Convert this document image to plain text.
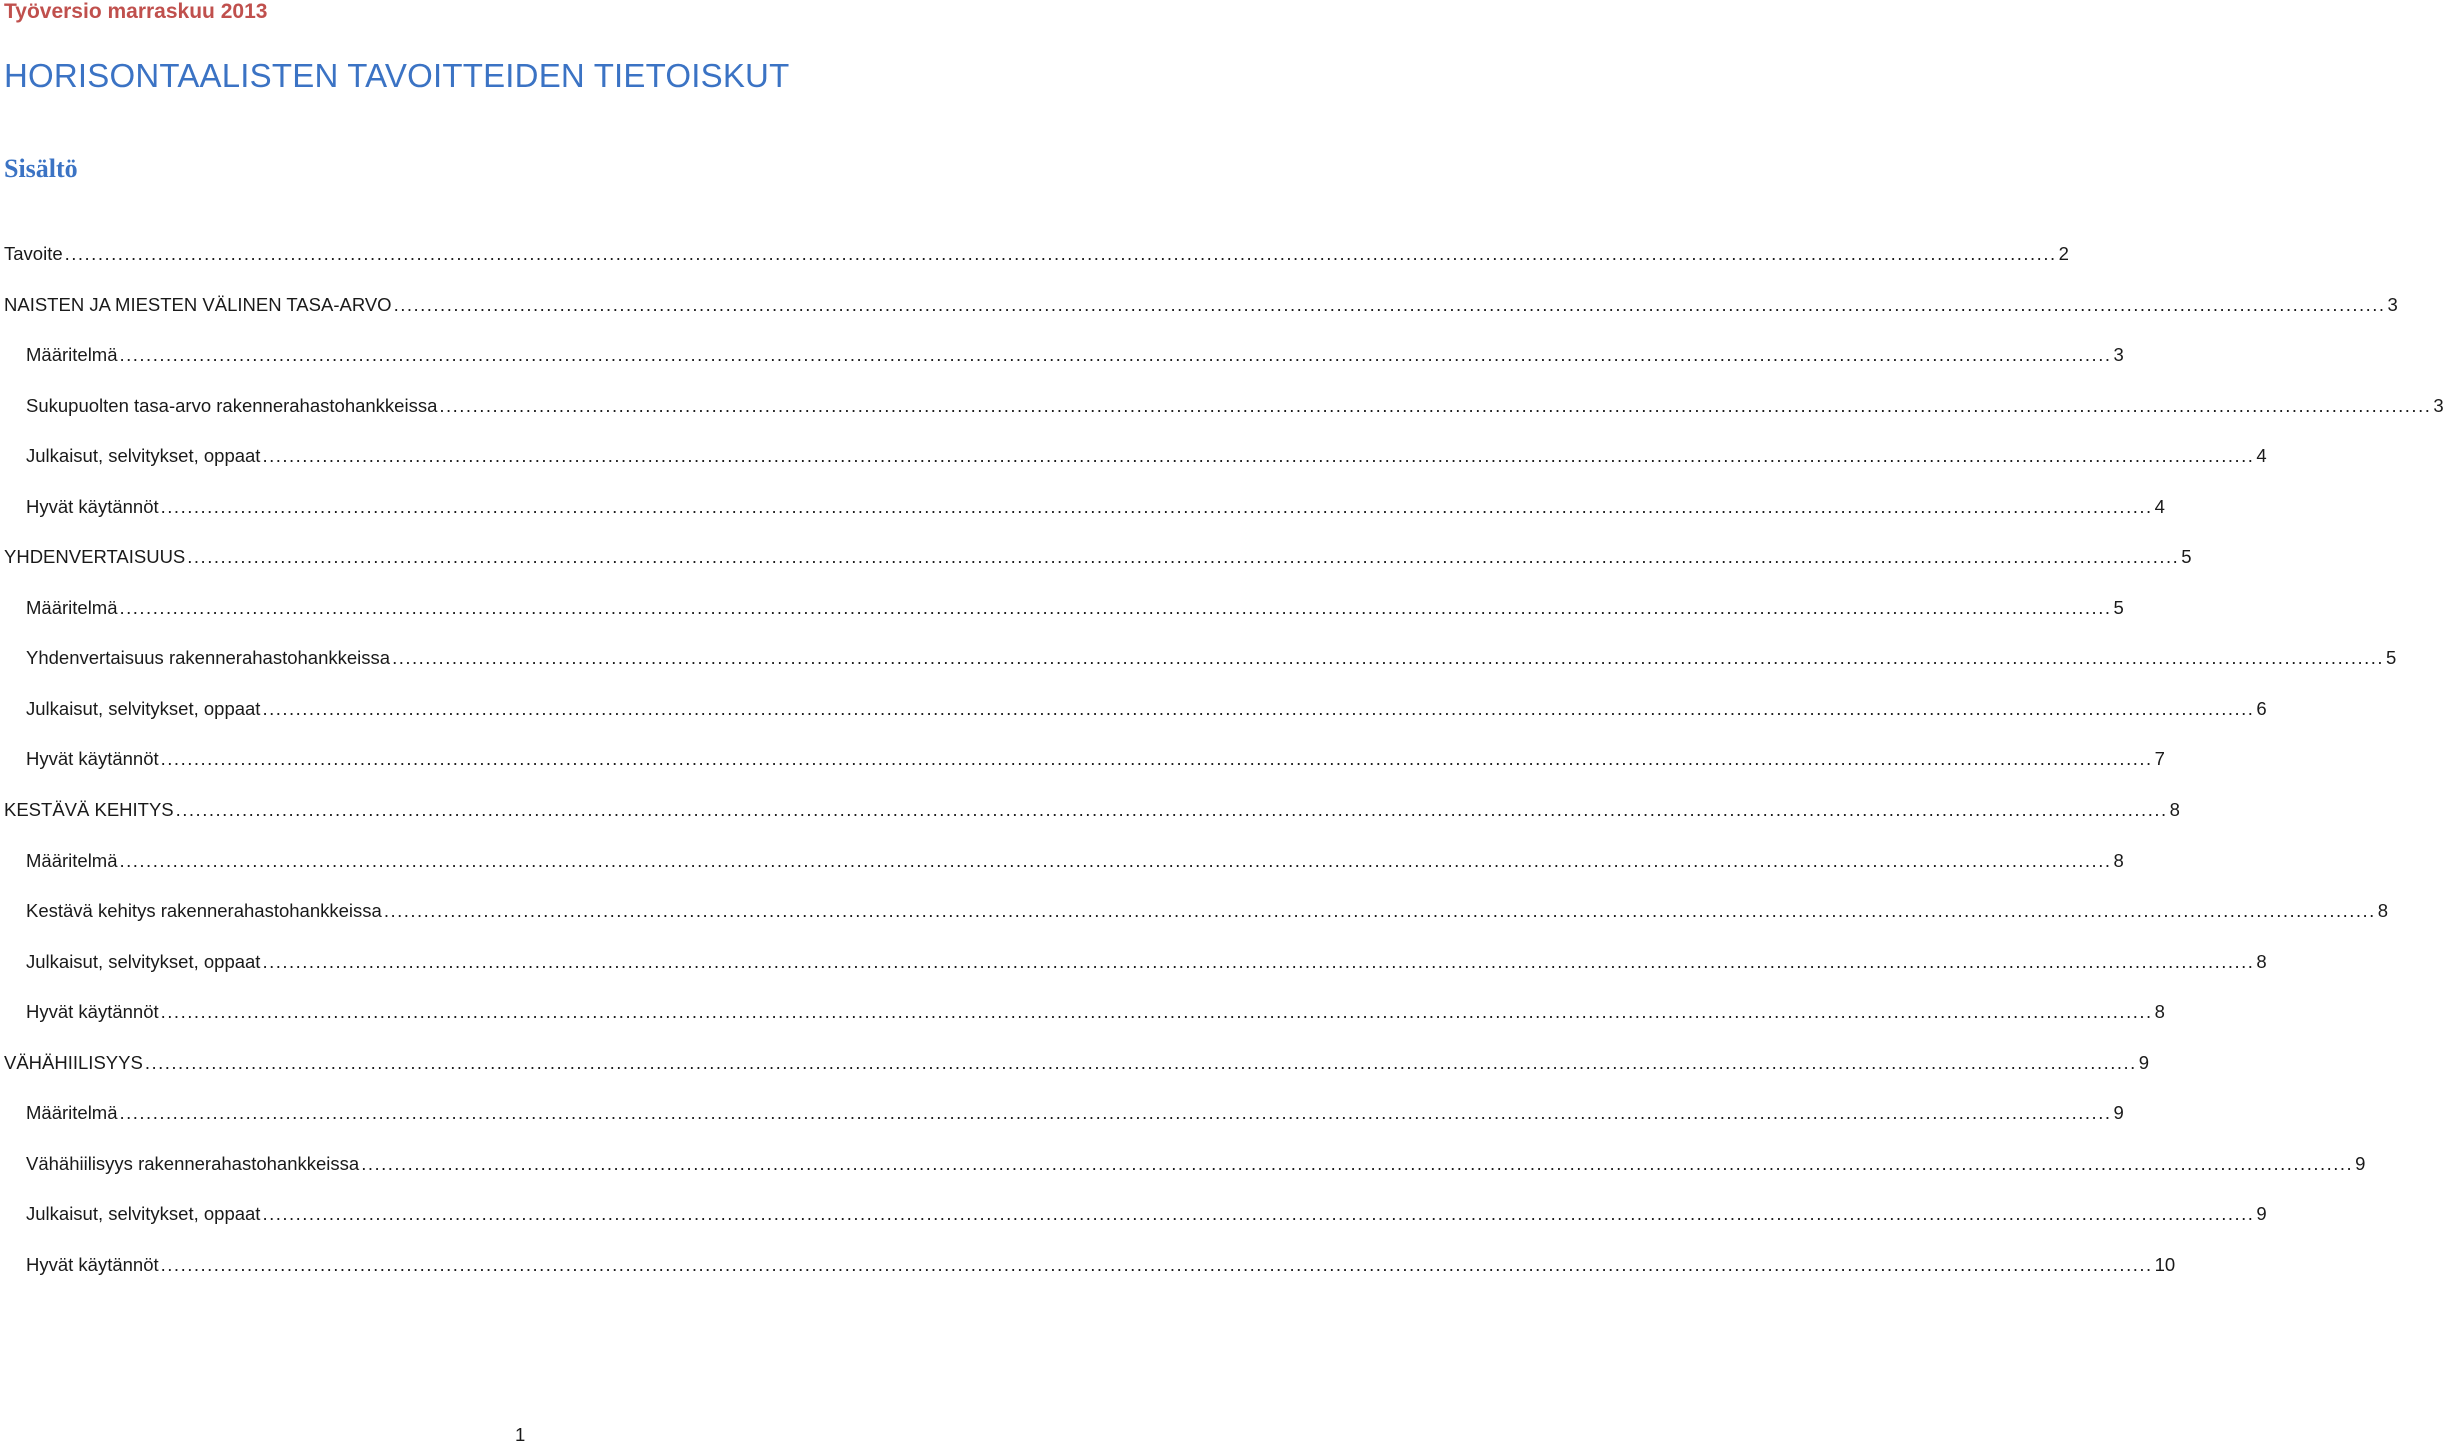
Työversio marraskuu 2013
HORISONTAALISTEN TAVOITTEIDEN TIETOISKUT
Sisältö
Tavoite ............................................................................................................................................................................................................................................................................................................ 2
NAISTEN JA MIESTEN VÄLINEN TASA-ARVO ............................................................................................................................................................................................................................................................................................................ 3
Määritelmä ............................................................................................................................................................................................................................................................................................................ 3
Sukupuolten tasa-arvo rakennerahastohankkeissa ............................................................................................................................................................................................................................................................................................................ 3
Julkaisut, selvitykset, oppaat ............................................................................................................................................................................................................................................................................................................ 4
Hyvät käytännöt ............................................................................................................................................................................................................................................................................................................ 4
YHDENVERTAISUUS ............................................................................................................................................................................................................................................................................................................ 5
Määritelmä ............................................................................................................................................................................................................................................................................................................ 5
Yhdenvertaisuus rakennerahastohankkeissa ............................................................................................................................................................................................................................................................................................................ 5
Julkaisut, selvitykset, oppaat ............................................................................................................................................................................................................................................................................................................ 6
Hyvät käytännöt ............................................................................................................................................................................................................................................................................................................ 7
KESTÄVÄ KEHITYS ............................................................................................................................................................................................................................................................................................................ 8
Määritelmä ............................................................................................................................................................................................................................................................................................................ 8
Kestävä kehitys rakennerahastohankkeissa ............................................................................................................................................................................................................................................................................................................ 8
Julkaisut, selvitykset, oppaat ............................................................................................................................................................................................................................................................................................................ 8
Hyvät käytännöt ............................................................................................................................................................................................................................................................................................................ 8
VÄHÄHIILISYYS ............................................................................................................................................................................................................................................................................................................ 9
Määritelmä ............................................................................................................................................................................................................................................................................................................ 9
Vähähiilisyys rakennerahastohankkeissa ............................................................................................................................................................................................................................................................................................................ 9
Julkaisut, selvitykset, oppaat ............................................................................................................................................................................................................................................................................................................ 9
Hyvät käytännöt ............................................................................................................................................................................................................................................................................................................ 10
1
